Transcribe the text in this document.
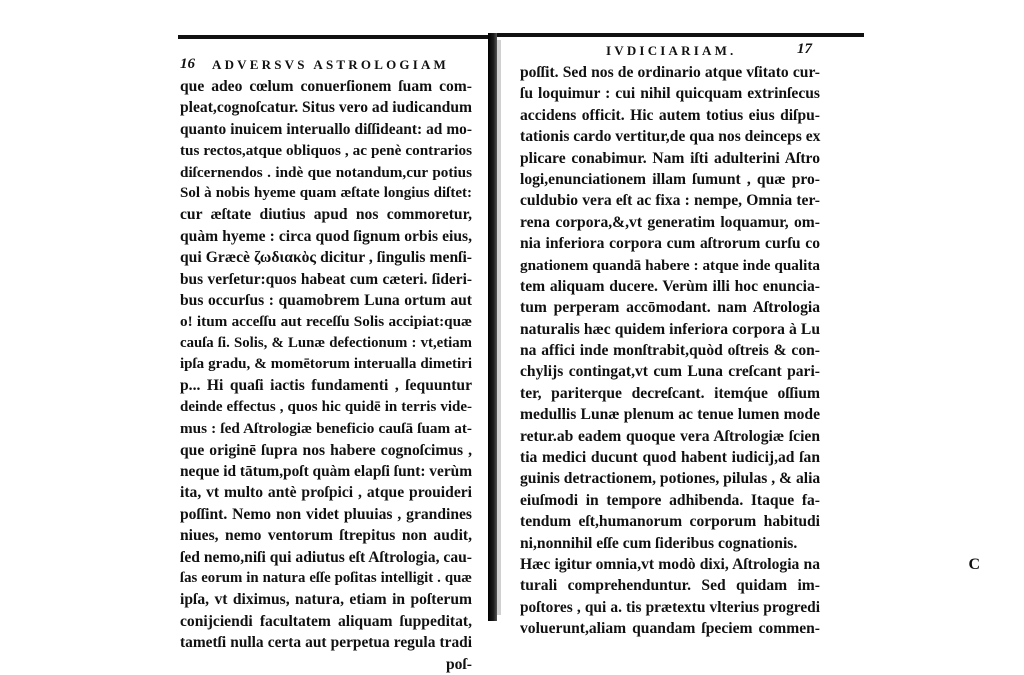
16 ADVERSVS ASTROLOGIAM
que adeo cœlum conuerſionem ſuam com-
pleat,cognoſcatur. Situs vero ad iudicandum
quanto inuicem interuallo diſſideant: ad mo-
tus rectos,atque obliquos , ac penè contrarios
diſcernendos . indè que notandum,cur potius
Sol à nobis hyeme quam æſtate longius diſtet:
cur æſtate diutius apud nos commoretur,
quàm hyeme : circa quod ſignum orbis eius,
qui Græcè ζωδιακὸς dicitur , ſingulis menſi-
bus verſetur:quos habeat cum cæteri. ſideri-
bus occurſus : quamobrem Luna ortum aut
o! itum acceſſu aut receſſu Solis accipiat:quæ
cauſa ſi. Solis, & Lunæ defectionum : vt,etiam
ipſa gradu, & momētorum interualla dimetiri
p... Hi quaſi iactis fundamenti , ſequuntur
deinde effectus , quos hic quidē in terris vide-
mus : ſed Aſtrologiæ beneficio cauſā ſuam at-
que originē ſupra nos habere cognoſcimus ,
neque id tātum,poſt quàm elapſi ſunt: verùm
ita, vt multo antè proſpici , atque prouideri
poſſint. Nemo non videt pluuias , grandines
niues, nemo ventorum ſtrepitus non audit,
ſed nemo,niſi qui adiutus eſt Aſtrologia, cau-
ſas eorum in natura eſſe poſitas intelligit . quæ
ipſa, vt diximus, natura, etiam in poſterum
conijciendi facultatem aliquam ſuppeditat,
tametſi nulla certa aut perpetua regula tradi
poſ-
IVDICIARIAM.	17
poſſit. Sed nos de ordinario atque vſitato cur-
ſu loquimur : cui nihil quicquam extrinſecus
accidens officit. Hic autem totius eius diſpu-
tationis cardo vertitur,de qua nos deinceps ex
plicare conabimur. Nam iſti adulterini Aſtro
logi,enunciationem illam ſumunt , quæ pro-
culdubio vera eſt ac fixa : nempe, Omnia ter-
rena corpora,&,vt generatim loquamur, om-
nia inferiora corpora cum aſtrorum curſu co
gnationem quandā habere : atque inde qualita
tem aliquam ducere. Verùm illi hoc enuncia-
tum perperam accōmodant. nam Aſtrologia
naturalis hæc quidem inferiora corpora à Lu
na affici inde monſtrabit,quòd oſtreis & con-
chylijs contingat,vt cum Luna creſcant pari-
ter, pariterque decreſcant. itemq́ue oſſium
medullis Lunæ plenum ac tenue lumen mode
retur.ab eadem quoque vera Aſtrologiæ ſcien
tia medici ducunt quod habent iudicij,ad ſan
guinis detractionem, potiones, pilulas , & alia
eiuſmodi in tempore adhibenda. Itaque fa-
tendum eſt,humanorum corporum habitudi
ni,nonnihil eſſe cum ſideribus cognationis.
Hæc igitur omnia,vt modò dixi, Aſtrologia na
turali comprehenduntur. Sed quidam im-
poſtores , qui a. tis prætextu vlterius progredi
voluerunt,aliam quandam ſpeciem commen-
C
